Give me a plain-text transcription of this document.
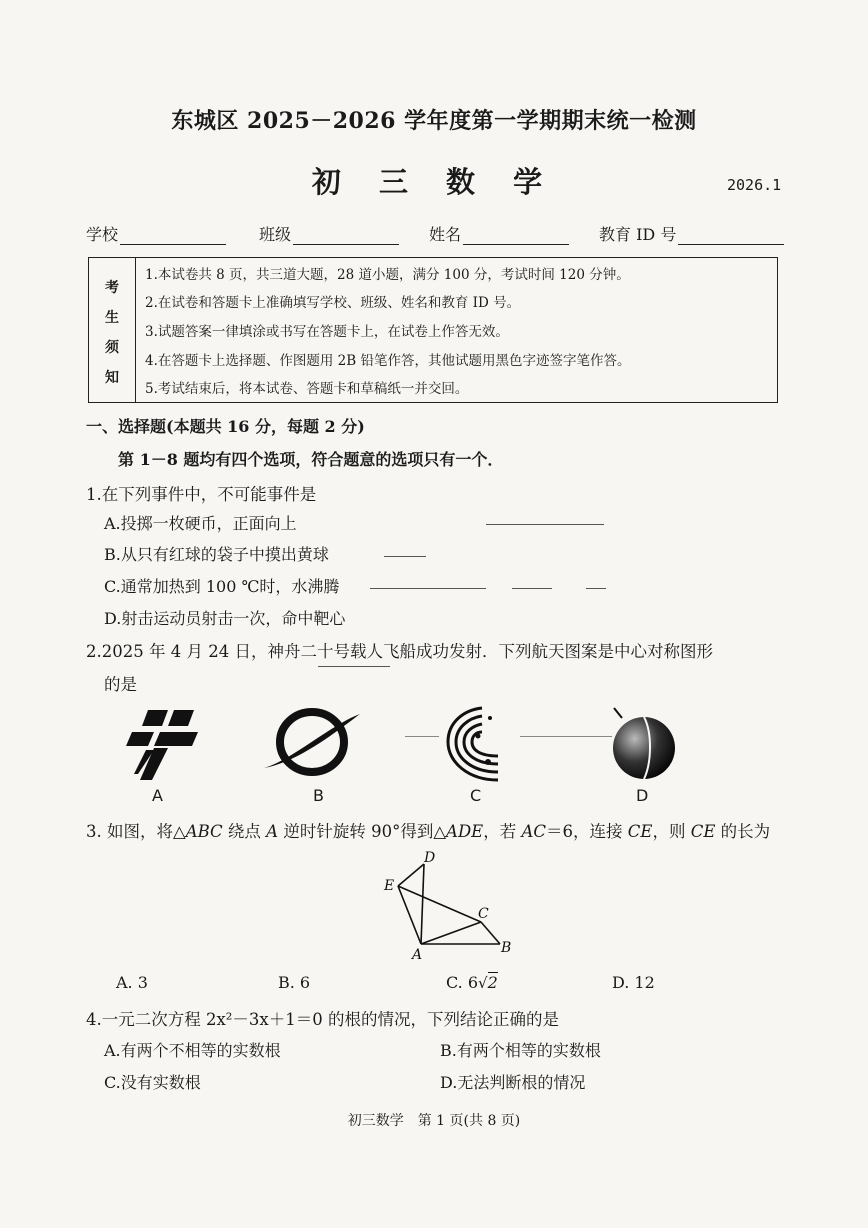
东城区 2025－2026 学年度第一学期期末统一检测
初 三 数 学	2026.1
学校	班级	姓名	教育 ID 号
考
生
须
知
1.本试卷共 8 页，共三道大题，28 道小题，满分 100 分，考试时间 120 分钟。
2.在试卷和答题卡上准确填写学校、班级、姓名和教育 ID 号。
3.试题答案一律填涂或书写在答题卡上，在试卷上作答无效。
4.在答题卡上选择题、作图题用 2B 铅笔作答，其他试题用黑色字迹签字笔作答。
5.考试结束后，将本试卷、答题卡和草稿纸一并交回。
一、选择题(本题共 16 分，每题 2 分)
第 1－8 题均有四个选项，符合题意的选项只有一个．
1.在下列事件中，不可能事件是
A.投掷一枚硬币，正面向上
B.从只有红球的袋子中摸出黄球
C.通常加热到 100 ℃时，水沸腾
D.射击运动员射击一次，命中靶心
2.2025 年 4 月 24 日，神舟二十号载人飞船成功发射．下列航天图案是中心对称图形
的是
A	B	C	D
3. 如图，将△ABC 绕点 A 逆时针旋转 90°得到△ADE，若 AC＝6，连接 CE，则 CE 的长为
D
E
C
A	B
A. 3	B. 6	C. 6√2	D. 12
4.一元二次方程 2x²－3x＋1＝0 的根的情况，下列结论正确的是
A.有两个不相等的实数根	B.有两个相等的实数根
C.没有实数根	D.无法判断根的情况
初三数学　第 1 页(共 8 页)
